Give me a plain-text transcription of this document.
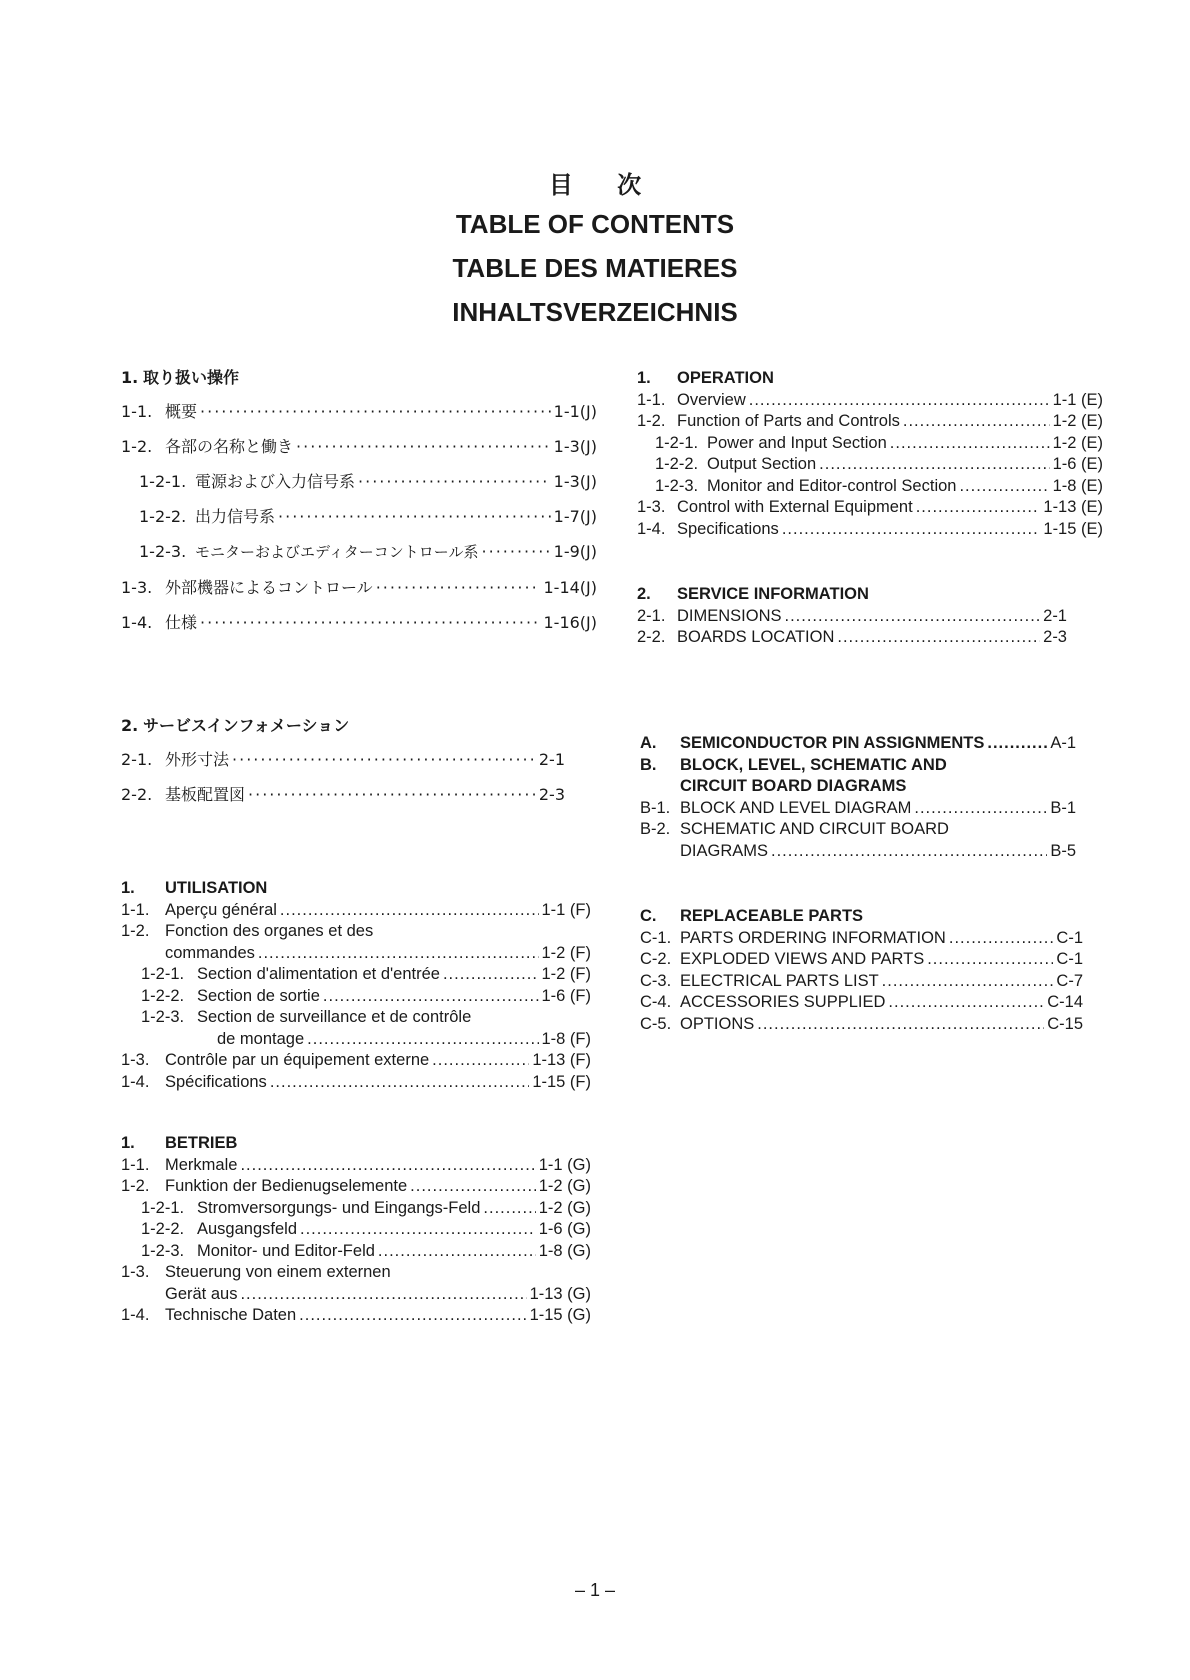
目 次
TABLE OF CONTENTS
TABLE DES MATIERES
INHALTSVERZEICHNIS
1. 取り扱い操作
1-1. 概要 ·····	1-1(J)
1-2. 各部の名称と働き ·····	1-3(J)
1-2-1. 電源および入力信号系 ·····	1-3(J)
1-2-2. 出力信号系 ·····	1-7(J)
1-2-3. モニターおよびエディターコントロール系 ·····	1-9(J)
1-3. 外部機器によるコントロール ·····	1-14(J)
1-4. 仕様 ·····	1-16(J)
2. サービスインフォメーション
2-1. 外形寸法 ·····	2-1
2-2. 基板配置図 ·····	2-3
1.	UTILISATION
1-1. Aperçu général .....	1-1 (F)
1-2. Fonction des organes et des
commandes .....	1-2 (F)
1-2-1. Section d'alimentation et d'entrée .....	1-2 (F)
1-2-2. Section de sortie .....	1-6 (F)
1-2-3. Section de surveillance et de contrôle
de montage .....	1-8 (F)
1-3. Contrôle par un équipement externe .....	1-13 (F)
1-4. Spécifications .....	1-15 (F)
1.	BETRIEB
1-1. Merkmale .....	1-1 (G)
1-2. Funktion der Bedienugselemente .....	1-2 (G)
1-2-1. Stromversorgungs- und Eingangs-Feld .....	1-2 (G)
1-2-2. Ausgangsfeld .....	1-6 (G)
1-2-3. Monitor- und Editor-Feld .....	1-8 (G)
1-3. Steuerung von einem externen
Gerät aus .....	1-13 (G)
1-4. Technische Daten .....	1-15 (G)
1.	OPERATION
1-1. Overview .....	1-1 (E)
1-2. Function of Parts and Controls .....	1-2 (E)
1-2-1. Power and Input Section .....	1-2 (E)
1-2-2. Output Section .....	1-6 (E)
1-2-3. Monitor and Editor-control Section .....	1-8 (E)
1-3. Control with External Equipment .....	1-13 (E)
1-4. Specifications .....	1-15 (E)
2.	SERVICE INFORMATION
2-1. DIMENSIONS .....	2-1
2-2. BOARDS LOCATION .....	2-3
A.	SEMICONDUCTOR PIN ASSIGNMENTS .....	A-1
B.	BLOCK, LEVEL, SCHEMATIC AND
CIRCUIT BOARD DIAGRAMS
B-1. BLOCK AND LEVEL DIAGRAM .....	B-1
B-2. SCHEMATIC AND CIRCUIT BOARD
DIAGRAMS .....	B-5
C.	REPLACEABLE PARTS
C-1. PARTS ORDERING INFORMATION .....	C-1
C-2. EXPLODED VIEWS AND PARTS .....	C-1
C-3. ELECTRICAL PARTS LIST .....	C-7
C-4. ACCESSORIES SUPPLIED .....	C-14
C-5. OPTIONS .....	C-15
– 1 –
